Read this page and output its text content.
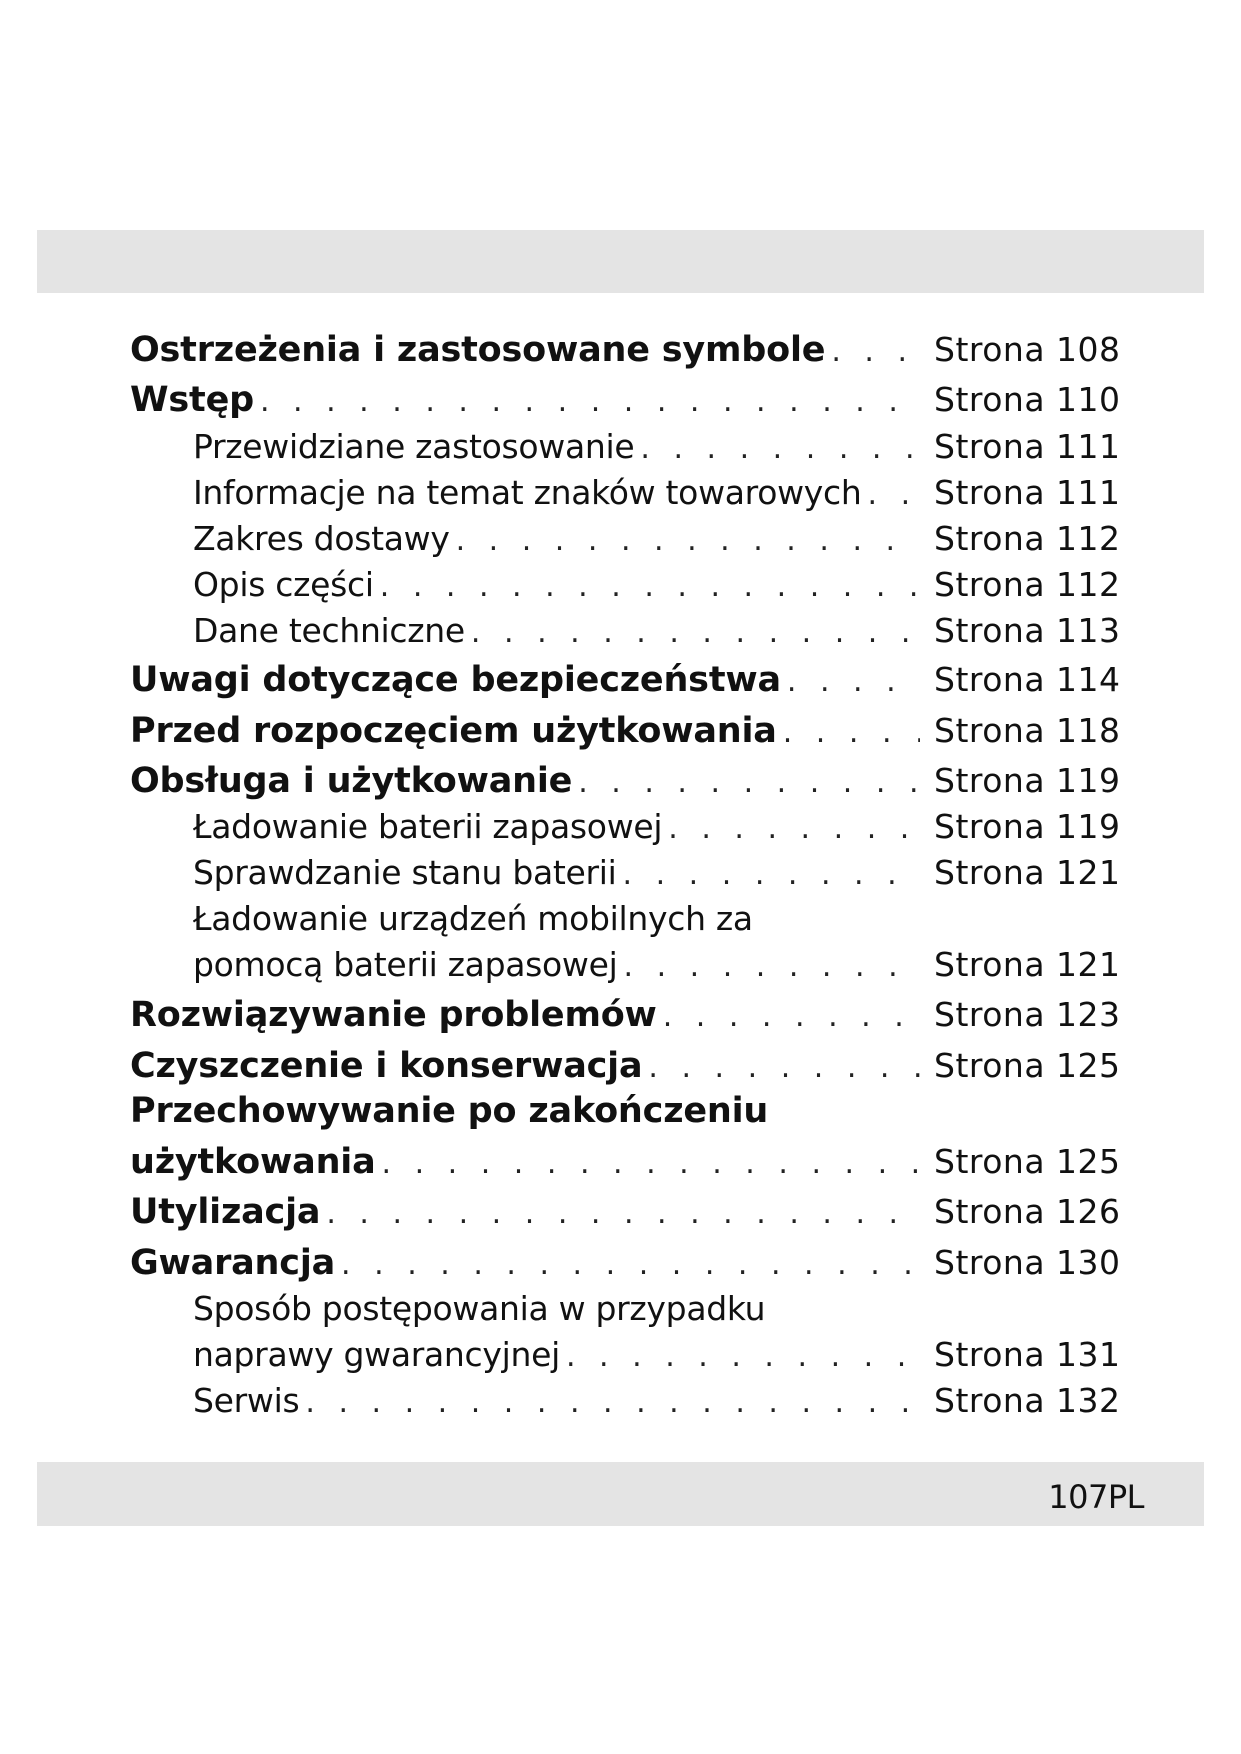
Ostrzeżenia i zastosowane symbole . . .	Strona 108
Wstęp . . .	Strona 110
Przewidziane zastosowanie . . .	Strona 111
Informacje na temat znaków towarowych . . . Strona 111
Zakres dostawy . . .	Strona 112
Opis części . . .	Strona 112
Dane techniczne . . .	Strona 113
Uwagi dotyczące bezpieczeństwa . . .	Strona 114
Przed rozpoczęciem użytkowania . . .	Strona 118
Obsługa i użytkowanie . . .	Strona 119
Ładowanie baterii zapasowej . . .	Strona 119
Sprawdzanie stanu baterii . . .	Strona 121
Ładowanie urządzeń mobilnych za
pomocą baterii zapasowej . . .	Strona 121
Rozwiązywanie problemów . . .	Strona 123
Czyszczenie i konserwacja . . .	Strona 125
Przechowywanie po zakończeniu
użytkowania . . .	Strona 125
Utylizacja . . .	Strona 126
Gwarancja . . .	Strona 130
Sposób postępowania w przypadku
naprawy gwarancyjnej . . .	Strona 131
Serwis . . .	Strona 132
107PL
